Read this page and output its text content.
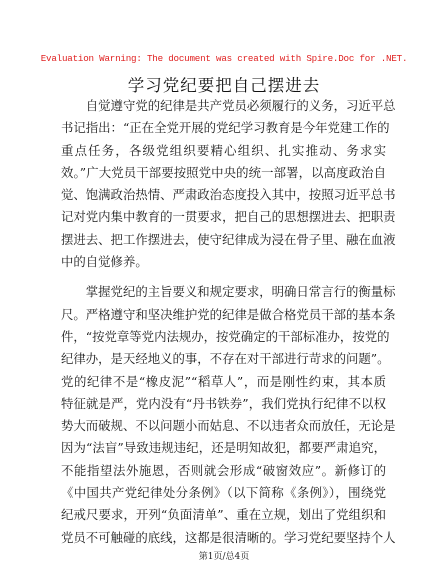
Evaluation Warning: The document was created with Spire.Doc for .NET.
学习党纪要把自己摆进去
　　自觉遵守党的纪律是共产党员必须履行的义务，习近平总
书记指出：“正在全党开展的党纪学习教育是今年党建工作的
重点任务，各级党组织要精心组织、扎实推动、务求实
效。”广大党员干部要按照党中央的统一部署，以高度政治自
觉、饱满政治热情、严肃政治态度投入其中，按照习近平总书
记对党内集中教育的一贯要求，把自己的思想摆进去、把职责
摆进去、把工作摆进去，使守纪律成为浸在骨子里、融在血液
中的自觉修养。
　　掌握党纪的主旨要义和规定要求，明确日常言行的衡量标
尺。严格遵守和坚决维护党的纪律是做合格党员干部的基本条
件，“按党章等党内法规办，按党确定的干部标准办，按党的
纪律办，是天经地义的事，不存在对干部进行苛求的问题”。
党的纪律不是“橡皮泥”“稻草人”，而是刚性约束，其本质
特征就是严，党内没有“丹书铁券”，我们党执行纪律不以权
势大而破规、不以问题小而姑息、不以违者众而放任，无论是
因为“法盲”导致违规违纪，还是明知故犯，都要严肃追究，
不能指望法外施恩，否则就会形成“破窗效应”。新修订的
《中国共产党纪律处分条例》（以下简称《条例》），围绕党
纪戒尺要求，开列“负面清单”、重在立规，划出了党组织和
党员不可触碰的底线，这都是很清晰的。学习党纪要坚持个人
第1页/总4页
